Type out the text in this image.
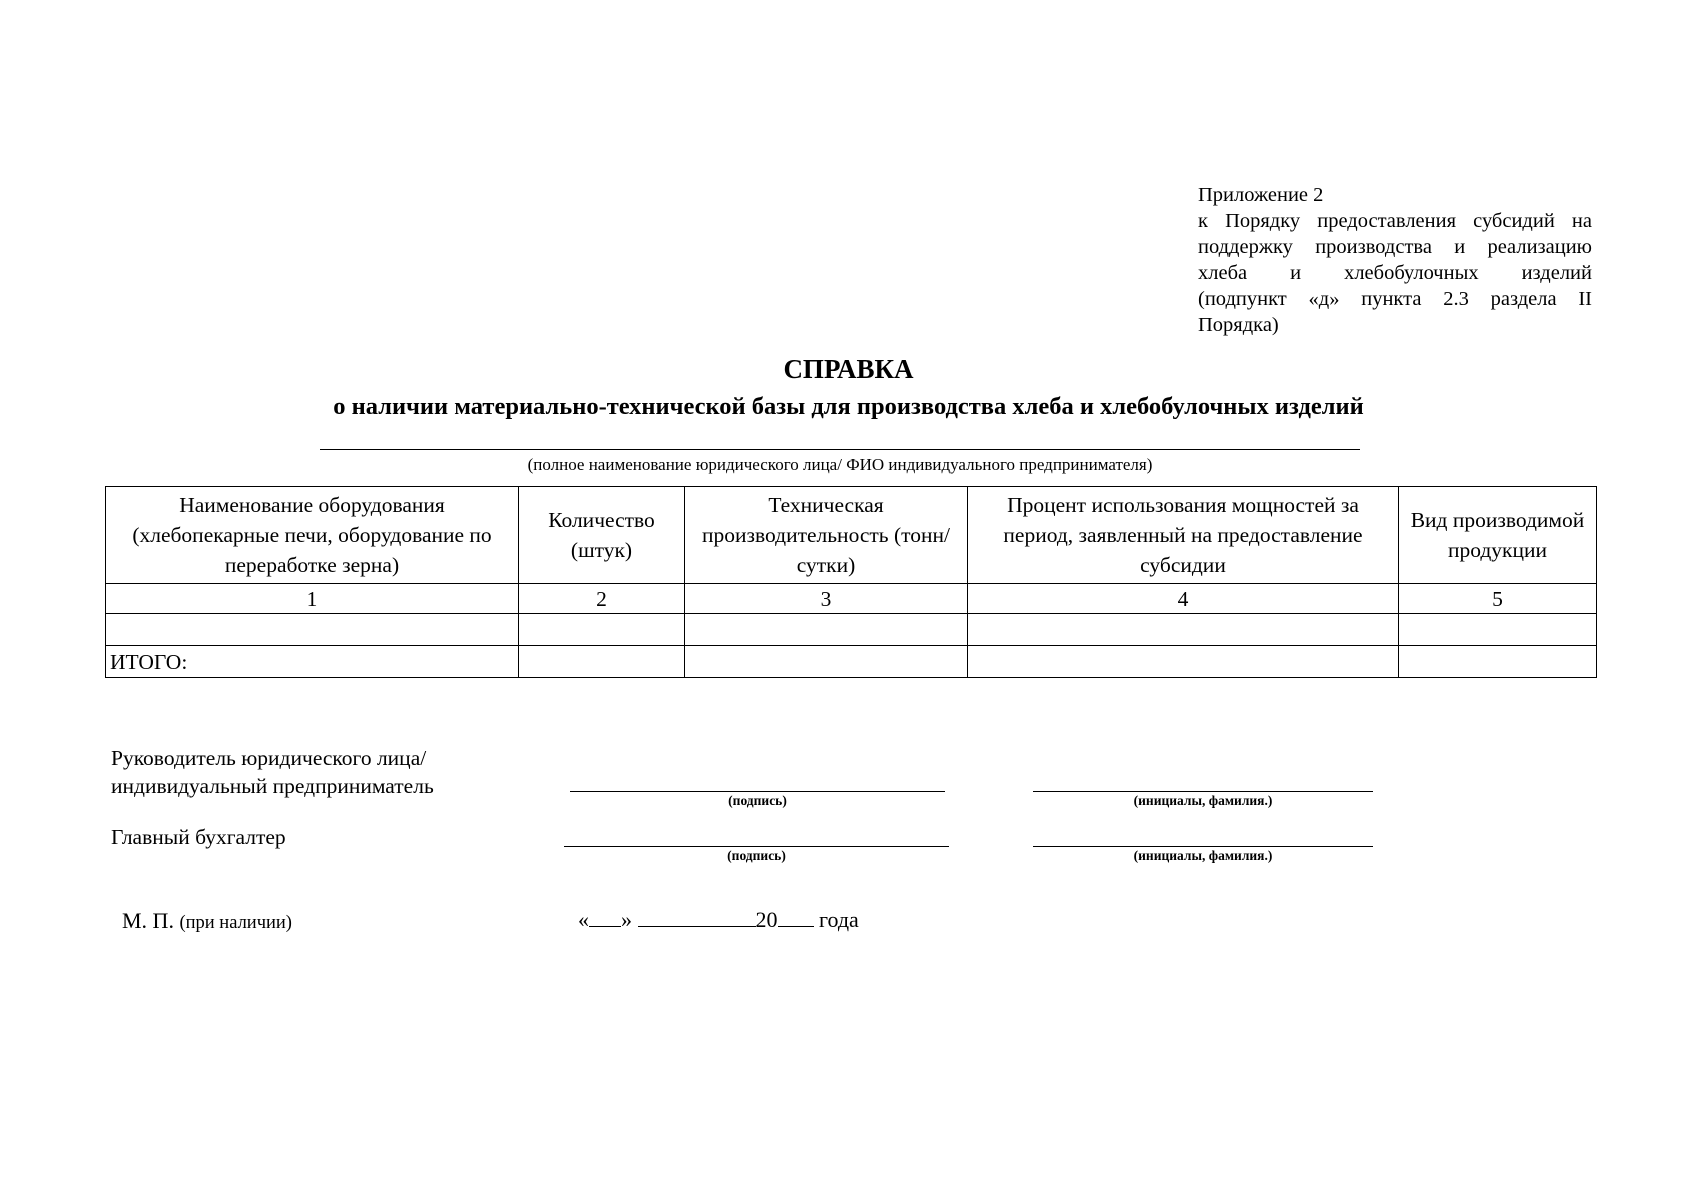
Приложение 2
к Порядку предоставления субсидий на
поддержку производства и реализацию
хлеба и хлебобулочных изделий
(подпункт «д» пункта 2.3 раздела II
Порядка)
СПРАВКА
о наличии материально-технической базы для производства хлеба и хлебобулочных изделий
(полное наименование юридического лица/ ФИО индивидуального предпринимателя)
Наименование оборудования (хлебопекарные печи, оборудование по переработке зерна)	Количество (штук)	Техническая производительность (тонн/сутки)	Процент использования мощностей за период, заявленный на предоставление субсидии	Вид производимой продукции
1	2	3	4	5

ИТОГО:				
Руководитель юридического лица/
индивидуальный предприниматель
(подпись)	(инициалы, фамилия.)
Главный бухгалтер
(подпись)	(инициалы, фамилия.)
М. П. (при наличии)	« »	20 года
